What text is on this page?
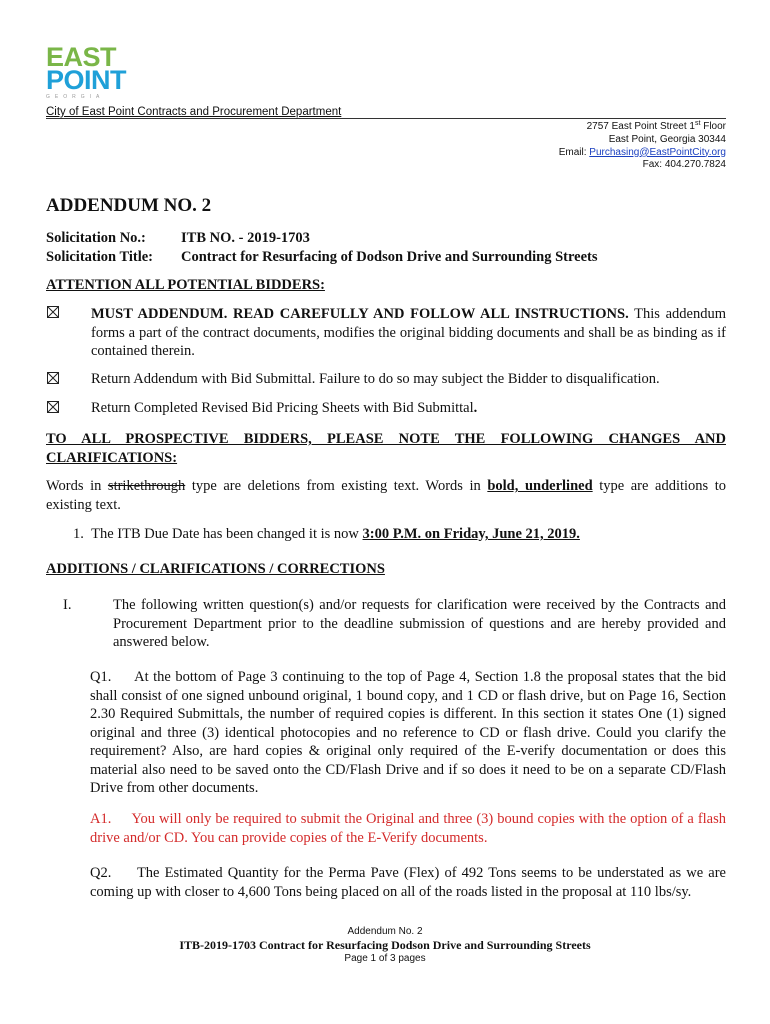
EAST
POINT
GEORGIA
City of East Point Contracts and Procurement Department
2757 East Point Street 1st Floor
East Point, Georgia 30344
Email: Purchasing@EastPointCity.org
Fax: 404.270.7824
ADDENDUM NO. 2
Solicitation No.: ITB NO. - 2019-1703
Solicitation Title: Contract for Resurfacing of Dodson Drive and Surrounding Streets
ATTENTION ALL POTENTIAL BIDDERS:
MUST ADDENDUM. READ CAREFULLY AND FOLLOW ALL INSTRUCTIONS. This addendum forms a part of the contract documents, modifies the original bidding documents and shall be as binding as if contained therein.
Return Addendum with Bid Submittal. Failure to do so may subject the Bidder to disqualification.
Return Completed Revised Bid Pricing Sheets with Bid Submittal.
TO ALL PROSPECTIVE BIDDERS, PLEASE NOTE THE FOLLOWING CHANGES AND CLARIFICATIONS:
Words in strikethrough type are deletions from existing text. Words in bold, underlined type are additions to existing text.
1. The ITB Due Date has been changed it is now 3:00 P.M. on Friday, June 21, 2019.
ADDITIONS / CLARIFICATIONS / CORRECTIONS
I.	The following written question(s) and/or requests for clarification were received by the Contracts and Procurement Department prior to the deadline submission of questions and are hereby provided and answered below.
Q1. At the bottom of Page 3 continuing to the top of Page 4, Section 1.8 the proposal states that the bid shall consist of one signed unbound original, 1 bound copy, and 1 CD or flash drive, but on Page 16, Section 2.30 Required Submittals, the number of required copies is different. In this section it states One (1) signed original and three (3) identical photocopies and no reference to CD or flash drive. Could you clarify the requirement? Also, are hard copies & original only required of the E-verify documentation or does this material also need to be saved onto the CD/Flash Drive and if so does it need to be on a separate CD/Flash Drive from other documents.
A1. You will only be required to submit the Original and three (3) bound copies with the option of a flash drive and/or CD. You can provide copies of the E-Verify documents.
Q2. The Estimated Quantity for the Perma Pave (Flex) of 492 Tons seems to be understated as we are coming up with closer to 4,600 Tons being placed on all of the roads listed in the proposal at 110 lbs/sy.
Addendum No. 2
ITB-2019-1703 Contract for Resurfacing Dodson Drive and Surrounding Streets
Page 1 of 3 pages
